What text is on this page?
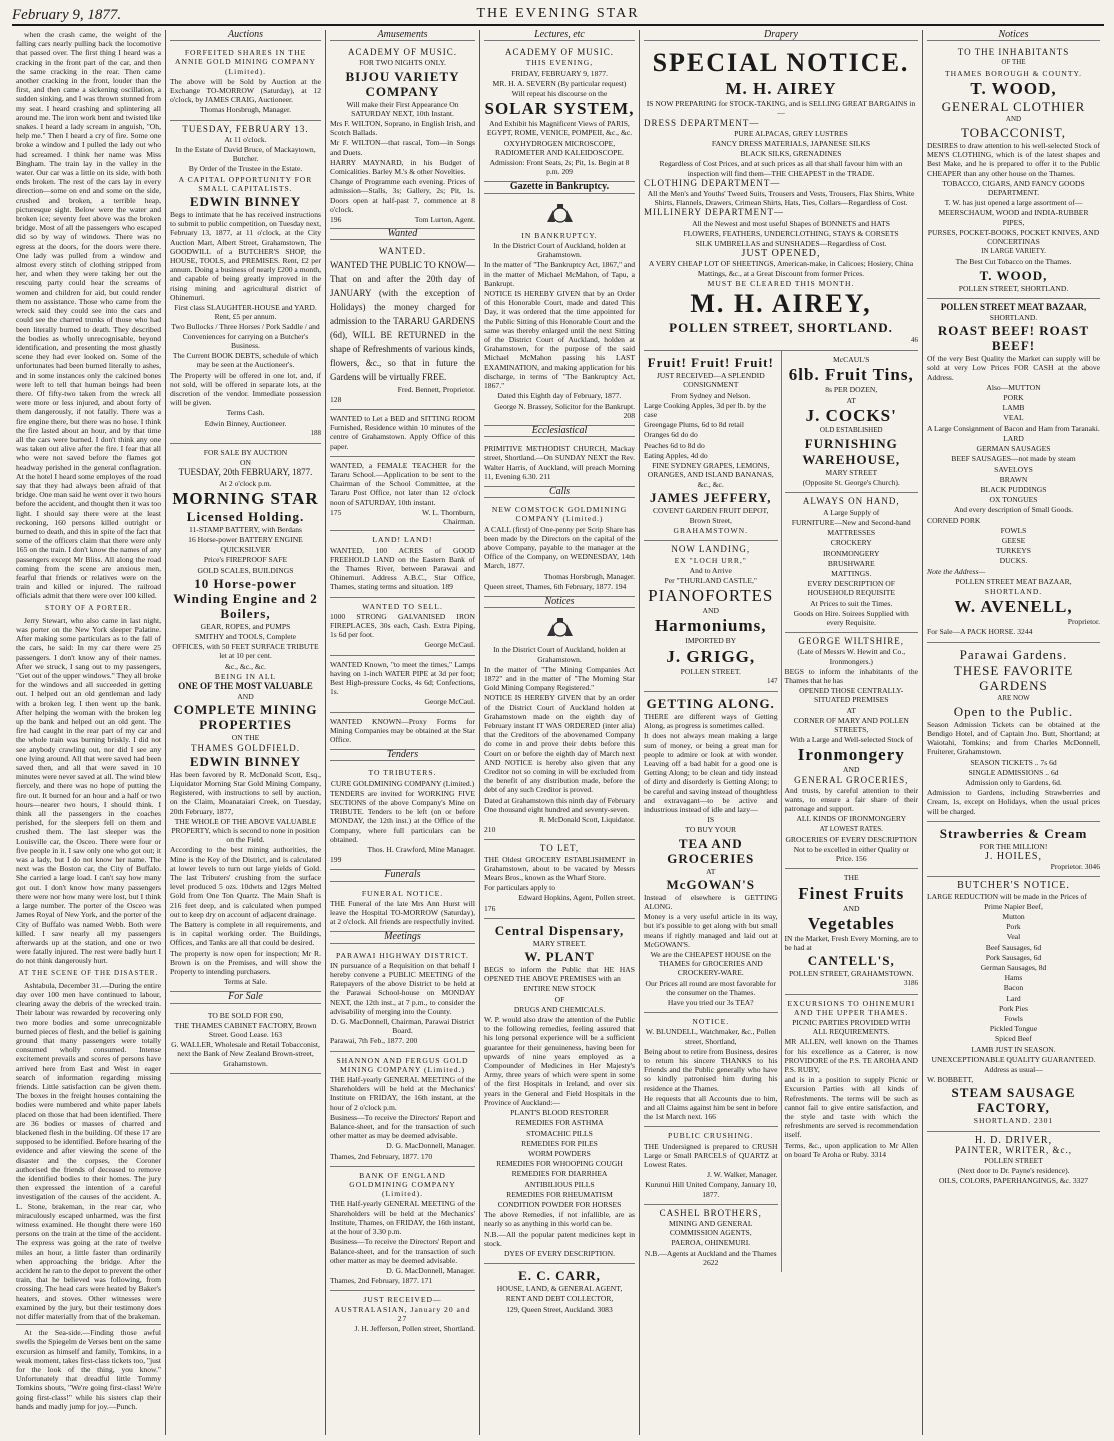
February 9, 1877.	THE EVENING STAR

when the crash came, the weight of the falling cars nearly pulling back the locomotive that passed over. The first thing I heard was a cracking in the front part of the car, and then the same cracking in the rear. Then came another cracking in the front, louder than the first, and then came a sickening oscillation, a sudden sinking, and I was thrown stunned from my seat. I heard crashing and splintering all around me. The iron work bent and twisted like snakes. I heard a lady scream in anguish, "Oh, help me." Then I heard a cry of fire. Some one broke a window and I pulled the lady out who had screamed. I think her name was Miss Bingham. The train lay in the valley in the water. Our car was a little on its side, with both ends broken. The rest of the cars lay in every direction—some on end and some on the side, crushed and broken, a terrible heap, picturesque sight. Below were the water and broken ice; seventy feet above was the broken bridge. Most of all the passengers who escaped did so by way of windows. There was no egress at the doors, for the doors were there. One lady was pulled from a window and almost every stitch of clothing stripped from her, and when they were taking her out the rescuing party could hear the screams of women and children for aid, but could render them no assistance. Those who came from the wreck said they could see into the cars and could see the charred trunks of those who had been literally burned to death. They described the bodies as wholly unrecognisable, beyond identification, and presenting the most ghastly scene they had ever looked on. Some of the unfortunates had been burned literally to ashes, and in some instances only the calcined bones were left to tell that human beings had been there. Of fifty-two taken from the wreck all were more or less injured, and about forty of them dangerously, if not fatally. There was a fire engine there, but there was no hose. I think the fire lasted about an hour, and by that time all the cars were burned. I don't think any one was taken out alive after the fire. I fear that all who were not saved before the flames got headway perished in the general conflagration. At the hotel I heard some employes of the road say that they had always been afraid of that bridge. One man said he went over it two hours before the accident, and thought then it was too light. I should say there were at the least reckoning, 160 persons killed outright or burned to death, and this in spite of the fact that some of the officers claim that there were only 165 on the train. I don't know the names of any passengers except Mr Bliss. All along the road coming from the scene are anxious men, fearful that friends or relatives were on the train and killed or injured. The railroad officials admit that there were over 100 killed.

STORY OF A PORTER.

Jerry Stewart, who also came in last night, was porter on the New York sleeper Palatine. After making some particulars as to the fall of the cars, he said: In my car there were 25 passengers. I don't know any of their names. After we struck, I sang out to my passengers, "Get out of the upper windows." They all broke for the windows and all succeeded in getting out. I helped out an old gentleman and lady with a broken leg. I then went up the bank. After helping the woman with the broken leg up the bank and helped out an old gent. The fire had caught in the rear part of my car and the whole train was burning briskly. I did not see anybody crawling out, nor did I see any one lying around. All that were saved had been saved then, and all that were saved in 10 minutes were never saved at all. The wind blew fiercely, and there was no hope of putting the fire out. It burned for an hour and a half or two hours—nearer two hours, I should think. I think all the passengers in the coaches perished, for the sleepers fell on them and crushed them. The last sleeper was the Louisville car, the Osceo. There were four or five people in it. I saw only one who got out; it was a lady, but I do not know her name. The next was the Boston car, the City of Buffalo. She carried a large load. I can't say how many got out. I don't know how many passengers there were nor how many were lost, but I think a large number. The porter of the Osceo was James Royal of New York, and the porter of the City of Buffalo was named Webb. Both were killed. I saw nearly all my passengers afterwards up at the station, and one or two were fatally injured. The rest were badly hurt I do not think dangerously hurt.

AT THE SCENE OF THE DISASTER.

Ashtabula, December 31.—During the entire day over 100 men have continued to labour, clearing away the debris of the wrecked train. Their labour was rewarded by recovering only two more bodies and some unrecognizable burned pieces of flesh, and the belief is gaining ground that many passengers were totally consumed wholly consumed. Intense excitement prevails and scores of persons have arrived here from East and West in eager search of information regarding missing friends. Little satisfaction can be given them. The boxes in the freight houses containing the bodies were numbered and white paper labels placed on those that had been identified. There are 36 bodies or masses of charred and blackened flesh in the building. Of these 17 are supposed to be identified. Before hearing of the evidence and after viewing the scene of the disaster and the corpses, the Coroner authorised the friends of deceased to remove the identified bodies to their homes. The jury then expressed the intention of a careful investigation of the causes of the accident. A. L. Stone, brakeman, in the rear car, who miraculously escaped unharmed, was the first witness examined. He thought there were 160 persons on the train at the time of the accident. The express was going at the rate of twelve miles an hour, a little faster than ordinarily when approaching the bridge. After the accident he ran to the depot to prevent the other train, that he believed was following, from crossing. The head cars were heated by Baker's heaters, and stoves. Other witnesses were examined by the jury, but their testimony does not differ materially from that of the brakeman.

At the Sea-side.—Finding those awful swells the Spiegelm de Verses bent on the same excursion as himself and family, Tomkins, in a weak moment, takes first-class tickets too, "just for the look of the thing, you know." Unfortunately that dreadful little Tommy Tomkins shouts, "We're going first-class! We're going first-class!" while his sisters clap their hands and madly jump for joy.—Punch.

Auctions

FORFEITED SHARES IN THE ANNIE GOLD MINING COMPANY (Limited).

The above will be Sold by Auction at the Exchange TO-MORROW (Saturday), at 12 o'clock, by JAMES CRAIG, Auctioneer.

Thomas Horsbrugh, Manager.

TUESDAY, FEBRUARY 13.

At 11 o'clock.

In the Estate of David Bruce, of Mackaytown, Butcher.

By Order of the Trustee in the Estate.

A CAPITAL OPPORTUNITY FOR SMALL CAPITALISTS.

EDWIN BINNEY

Begs to intimate that he has received instructions to submit to public competition, on Tuesday next, February 13, 1877, at 11 o'clock, at the City Auction Mart, Albert Street, Grahamstown, The GOODWILL of a BUTCHER'S SHOP, the HOUSE, TOOLS, and PREMISES. Rent, £2 per annum. Doing a business of nearly £200 a month, and capable of being greatly improved in the rising mining and agricultural district of Ohinemuri.

First class SLAUGHTER-HOUSE and YARD. Rent, £5 per annum.

Two Bullocks / Three Horses / Pork Saddle / and Conveniences for carrying on a Butcher's Business.

The Current BOOK DEBTS, schedule of which may be seen at the Auctioneer's.

The Property will be offered in one lot, and, if not sold, will be offered in separate lots, at the discretion of the vendor. Immediate possession will be given.

Terms Cash.

Edwin Binney, Auctioneer.

188

FOR SALE BY AUCTION

ON

TUESDAY, 20th FEBRUARY, 1877.

At 2 o'clock p.m.

MORNING STAR

Licensed Holding.

11-STAMP BATTERY, with Berdans

16 Horse-power BATTERY ENGINE

QUICKSILVER

Price's FIREPROOF SAFE

GOLD SCALES, BUILDINGS

10 Horse-power Winding Engine and 2 Boilers,

GEAR, ROPES, and PUMPS

SMITHY and TOOLS, Complete

OFFICES, with 50 FEET SURFACE TRIBUTE let at 10 per cent.

&c., &c., &c.

BEING IN ALL

ONE OF THE MOST VALUABLE

AND

COMPLETE MINING PROPERTIES

ON THE

THAMES GOLDFIELD.

EDWIN BINNEY

Has been favored by R. McDonald Scott, Esq., Liquidator Morning Star Gold Mining Company, Registered, with instructions to sell by auction, on the Claim, Moanataiari Creek, on Tuesday, 20th February, 1877,

THE WHOLE OF THE ABOVE VALUABLE PROPERTY, which is second to none in position on the Field.

According to the best mining authorities, the Mine is the Key of the District, and is calculated at lower levels to turn out large yields of Gold. The last Tributers' crushing from the surface level produced 5 ozs. 10dwts and 12grs Melted Gold from One Ton Quartz. The Main Shaft is 216 feet deep, and is calculated when pumped out to keep dry on account of adjacent drainage.

The Battery is complete in all requirements, and is in capital working order. The Buildings, Offices, and Tanks are all that could be desired.

The property is now open for inspection; Mr R. Brown is on the Premises, and will show the Property to intending purchasers.

Terms at Sale.

For Sale

TO BE SOLD FOR £90,

THE THAMES CABINET FACTORY, Brown Street. Good Lease. 163

G. WALLER, Wholesale and Retail Tobacconist, next the Bank of New Zealand Brown-street, Grahamstown.

Amusements

ACADEMY OF MUSIC.

FOR TWO NIGHTS ONLY.

BIJOU VARIETY COMPANY

Will make their First Appearance On SATURDAY NEXT, 10th Instant.

Mrs F. WILTON, Soprano, in English Irish, and Scotch Ballads.

Mr F. WILTON—that rascal, Tom—in Songs and Duets.

HARRY MAYNARD, in his Budget of Comicalities. Barley M.'s & other Novelties.

Change of Programme each evening. Prices of admission—Stalls, 3s; Gallery, 2s; Pit, 1s. Doors open at half-past 7, commence at 8 o'clock.

196	Tom Lurton, Agent.
Wanted

WANTED.

WANTED THE PUBLIC TO KNOW—That on and after the 20th day of JANUARY (with the exception of Holidays) the money charged for admission to the TARARU GARDENS (6d), WILL BE RETURNED in the shape of Refreshments of various kinds, flowers, &c., so that in future the Gardens will be virtually FREE.

Fred. Bennett, Proprietor.

128

WANTED to Let a BED and SITTING ROOM Furnished, Residence within 10 minutes of the centre of Grahamstown. Apply Office of this paper.

WANTED, a FEMALE TEACHER for the Tararu School.—Application to be sent to the Chairman of the School Committee, at the Tararu Post Office, not later than 12 o'clock noon of SATURDAY, 10th instant.

175	W. L. Thornburn, Chairman.

LAND! LAND!

WANTED, 100 ACRES of GOOD FREEHOLD LAND on the Eastern Bank of the Thames River, between Parawai and Ohinemuri. Address A.B.C., Star Office, Thames, stating terms and situation. 189

WANTED TO SELL.

1000 STRONG GALVANISED IRON FIREPLACES, 30s each, Cash. Extra Piping, 1s 6d per foot.

George McCaul.

WANTED Known, "to meet the times," Lamps having on 1-inch WATER PIPE at 3d per foot; Best High-pressure Cocks, 4s 6d; Confections, 1s.

George McCaul.

WANTED KNOWN—Proxy Forms for Mining Companies may be obtained at the Star Office.

Tenders

TO TRIBUTERS.

CURE GOLDMINING COMPANY (Limited.)

TENDERS are invited for WORKING FIVE SECTIONS of the above Company's Mine on TRIBUTE. Tenders to be left (on or before MONDAY, the 12th inst.) at the Office of the Company, where full particulars can be obtained.

Thos. H. Crawford, Mine Manager.

199

Funerals

FUNERAL NOTICE.

THE Funeral of the late Mrs Ann Hurst will leave the Hospital TO-MORROW (Saturday), at 2 o'clock. All friends are respectfully invited.

Meetings

PARAWAI HIGHWAY DISTRICT.

IN pursuance of a Requisition on that behalf I hereby convene a PUBLIC MEETING of the Ratepayers of the above District to be held at the Parawai School-house on MONDAY NEXT, the 12th inst., at 7 p.m., to consider the advisability of merging into the County.

D. G. MacDonnell, Chairman, Parawai District Board.

Parawai, 7th Feb., 1877. 200

SHANNON AND FERGUS GOLD MINING COMPANY (Limited.)

THE Half-yearly GENERAL MEETING of the Shareholders will be held at the Mechanics' Institute on FRIDAY, the 16th instant, at the hour of 2 o'clock p.m.

Business—To receive the Directors' Report and Balance-sheet, and for the transaction of such other matter as may be deemed advisable.

D. G. MacDonnell, Manager.

Thames, 2nd February, 1877. 170

BANK OF ENGLAND GOLDMINING COMPANY (Limited).

THE Half-yearly GENERAL MEETING of the Shareholders will be held at the Mechanics' Institute, Thames, on FRIDAY, the 16th instant, at the hour of 3.30 p.m.

Business—To receive the Directors' Report and Balance-sheet, and for the transaction of such other matter as may be deemed advisable.

D. G. MacDonnell, Manager.

Thames, 2nd February, 1877. 171

JUST RECEIVED—AUSTRALASIAN, January 20 and 27

J. H. Jefferson, Pollen street, Shortland.

Lectures, etc

ACADEMY OF MUSIC.

THIS EVENING,

FRIDAY, FEBRUARY 9, 1877.

MR. H. A. SEVERN (By particular request)

Will repeat his discourse on the

SOLAR SYSTEM,

And Exhibit his Magnificent Views of PARIS, EGYPT, ROME, VENICE, POMPEII, &c., &c.

OXYHYDROGEN MICROSCOPE, RADIOMETER AND KALEIDOSCOPE.

Admission: Front Seats, 2s; Pit, 1s. Begin at 8 p.m. 209

Gazette in Bankruptcy.

IN BANKRUPTCY.

In the District Court of Auckland, holden at Grahamstown.

In the matter of "The Bankruptcy Act, 1867," and in the matter of Michael McMahon, of Tapu, a Bankrupt.

NOTICE IS HEREBY GIVEN that by an Order of this Honorable Court, made and dated This Day, it was ordered that the time appointed for the Public Sitting of this Honorable Court and the same was thereby enlarged until the next Sitting of the District Court of Auckland, holden at Grahamstown, for the purpose of the said Michael McMahon passing his LAST EXAMINATION, and making application for his discharge, in terms of "The Bankruptcy Act, 1867."

Dated this Eighth day of February, 1877.

George N. Brassey, Solicitor for the Bankrupt. 208

Ecclesiastical

PRIMITIVE METHODIST CHURCH, Mackay street, Shortland.—On SUNDAY NEXT the Rev. Walter Harris, of Auckland, will preach Morning 11, Evening 6.30. 211

Calls

NEW COMSTOCK GOLDMINING COMPANY (Limited.)

A CALL (first) of One-penny per Scrip Share has been made by the Directors on the capital of the above Company, payable to the manager at the Office of the Company, on WEDNESDAY, 14th March, 1877.

Thomas Horsbrugh, Manager.

Queen street, Thames, 6th February, 1877. 194

Notices

In the District Court of Auckland, holden at Grahamstown.

In the matter of "The Mining Companies Act 1872" and in the matter of "The Morning Star Gold Mining Company Registered."

NOTICE IS HEREBY GIVEN that by an order of the District Court of Auckland holden at Grahamstown made on the eighth day of February instant IT WAS ORDERED (inter alia) that the Creditors of the abovenamed Company do come in and prove their debts before this Court on or before the eighth day of March next AND NOTICE is hereby also given that any Creditor not so coming in will be excluded from the benefit of any distribution made, before the debt of any such Creditor is proved.

Dated at Grahamstown this ninth day of February One thousand eight hundred and seventy-seven.

R. McDonald Scott, Liquidator.

210

TO LET,

THE Oldest GROCERY ESTABLISHMENT in Grahamstown, about to be vacated by Messrs Mears Bros., known as the Wharf Store.

For particulars apply to

Edward Hopkins, Agent, Pollen street.

176

Central Dispensary,

MARY STREET.

W. PLANT

BEGS to inform the Public that HE HAS OPENED THE ABOVE PREMISES with an

ENTIRE NEW STOCK

OF

DRUGS AND CHEMICALS.

W. P. would also draw the attention of the Public to the following remedies, feeling assured that his long personal experience will be a sufficient guarantee for their genuineness, having been for upwards of nine years employed as a Compounder of Medicines in Her Majesty's Army, three years of which were spent in some of the first Hospitals in Ireland, and over six years in the General and Field Hospitals in the Province of Auckland:—

PLANT'S BLOOD RESTORER

REMEDIES FOR ASTHMA

STOMACHIC PILLS

REMEDIES FOR PILES

WORM POWDERS

REMEDIES FOR WHOOPING COUGH

REMEDIES FOR DIARRHEA

ANTIBILIOUS PILLS

REMEDIES FOR RHEUMATISM

CONDITION POWDER FOR HORSES

The above Remedies, if not infallible, are as nearly so as anything in this world can be.

N.B.—All the popular patent medicines kept in stock.

DYES OF EVERY DESCRIPTION.

E. C. CARR,

HOUSE, LAND, & GENERAL AGENT,

RENT AND DEBT COLLECTOR,

129, Queen Street, Auckland. 3083

Drapery

SPECIAL NOTICE.

M. H. AIREY

IS NOW PREPARING for STOCK-TAKING, and is SELLING GREAT BARGAINS in—

DRESS DEPARTMENT—

PURE ALPACAS, GREY LUSTRES

FANCY DRESS MATERIALS, JAPANESE SILKS

BLACK SILKS, GRENADINES

Regardless of Cost Prices, and at such prices as all that shall favour him with an inspection will find them—THE CHEAPEST in the TRADE.

CLOTHING DEPARTMENT—

All the Men's and Youths' Tweed Suits, Trousers and Vests, Trousers, Flax Shirts, White Shirts, Flannels, Drawers, Crimean Shirts, Hats, Ties, Collars—Regardless of Cost.

MILLINERY DEPARTMENT—

All the Newest and most useful Shapes of BONNETS and HATS

FLOWERS, FEATHERS, UNDERCLOTHING, STAYS & CORSETS

SILK UMBRELLAS and SUNSHADES—Regardless of Cost.

JUST OPENED,

A VERY CHEAP LOT OF SHEETINGS, American-make, in Calicoes; Hosiery, China Mattings, &c., at a Great Discount from former Prices.

MUST BE CLEARED THIS MONTH.

M. H. AIREY,

POLLEN STREET, SHORTLAND.

46

Fruit! Fruit! Fruit!

JUST RECEIVED—A SPLENDID CONSIGNMENT

From Sydney and Nelson.

Large Cooking Apples, 3d per lb. by the case

Greengage Plums, 6d to 8d retail

Oranges 6d do do

Peaches 6d to 8d do

Eating Apples, 4d do

FINE SYDNEY GRAPES, LEMONS, ORANGES, AND ISLAND BANANAS, &c., &c.

JAMES JEFFERY,

COVENT GARDEN FRUIT DEPOT,

Brown Street,

GRAHAMSTOWN.

NOW LANDING,

EX "LOCH URR,"

And to Arrive

Per "THURLAND CASTLE,"

PIANOFORTES

AND

Harmoniums,

IMPORTED BY

J. GRIGG,

POLLEN STREET.

147

GETTING ALONG.

THERE are different ways of Getting Along, as progress is sometimes called.

It does not always mean making a large sum of money, or being a great man for people to admire or look at with wonder. Leaving off a bad habit for a good one is Getting Along; to be clean and tidy instead of dirty and disorderly is Getting Along; to be careful and saving instead of thoughtless and extravagant—to be active and industrious instead of idle and lazy—

IS

TO BUY YOUR

TEA AND GROCERIES

AT

McGOWAN'S

Instead of elsewhere is GETTING ALONG.

Money is a very useful article in its way, but it's possible to get along with but small means if rightly managed and laid out at McGOWAN'S.

We are the CHEAPEST HOUSE on the THAMES for GROCERIES AND CROCKERY-WARE.

Our Prices all round are most favorable for the consumer on the Thames.

Have you tried our 3s TEA?

NOTICE.

W. BLUNDELL, Watchmaker, &c., Pollen street, Shortland,

Being about to retire from Business, desires to return his sincere THANKS to his Friends and the Public generally who have so kindly patronised him during his residence at the Thames.

He requests that all Accounts due to him, and all Claims against him be sent in before the 1st March next. 166

PUBLIC CRUSHING.

THE Undersigned is prepared to CRUSH Large or Small PARCELS of QUARTZ at Lowest Rates.

J. W. Walker, Manager.

Kurunui Hill United Company, January 10, 1877.

CASHEL BROTHERS,

MINING AND GENERAL COMMISSION AGENTS,

PAEROA, OHINEMURI.

N.B.—Agents at Auckland and the Thames 2622

McCAUL'S

6lb. Fruit Tins,

8s PER DOZEN,

AT

J. COCKS'

OLD ESTABLISHED

FURNISHING

WAREHOUSE,

MARY STREET

(Opposite St. George's Church).

ALWAYS ON HAND,

A Large Supply of

FURNITURE—New and Second-hand

MATTRESSES

CROCKERY

IRONMONGERY

BRUSHWARE

MATTINGS.

EVERY DESCRIPTION OF HOUSEHOLD REQUISITE

At Prices to suit the Times.

Goods on Hire. Soirees Supplied with every Requisite.

GEORGE WILTSHIRE,

(Late of Messrs W. Hewitt and Co., Ironmongers.)

BEGS to inform the inhabitants of the Thames that he has

OPENED THOSE CENTRALLY-SITUATED PREMISES

AT

CORNER OF MARY AND POLLEN STREETS,

With a Large and Well-selected Stock of

Ironmongery

AND

GENERAL GROCERIES,

And trusts, by careful attention to their wants, to ensure a fair share of their patronage and support.

ALL KINDS OF IRONMONGERY

AT LOWEST RATES.

GROCERIES OF EVERY DESCRIPTION

Not to be excelled in either Quality or Price. 156

THE

Finest Fruits

AND

Vegetables

IN the Market, Fresh Every Morning, are to be had at

CANTELL'S,

POLLEN STREET, GRAHAMSTOWN.

3186

EXCURSIONS TO OHINEMURI AND THE UPPER THAMES.

PICNIC PARTIES PROVIDED WITH ALL REQUIREMENTS.

MR ALLEN, well known on the Thames for his excellence as a Caterer, is now PROVIDORE of the P.S. TE AROHA AND P.S. RUBY,

and is in a position to supply Picnic or Excursion Parties with all kinds of Refreshments. The terms will be such as cannot fail to give entire satisfaction, and the style and taste with which the refreshments are served is recommendation itself.

Terms, &c., upon application to Mr Allen on board Te Aroha or Ruby. 3314

Notices

TO THE INHABITANTS

OF THE

THAMES BOROUGH & COUNTY.

T. WOOD,

GENERAL CLOTHIER

AND

TOBACCONIST,

DESIRES to draw attention to his well-selected Stock of MEN'S CLOTHING, which is of the latest shapes and Best Make, and he is prepared to offer it to the Public CHEAPER than any other house on the Thames.

TOBACCO, CIGARS, AND FANCY GOODS DEPARTMENT.

T. W. has just opened a large assortment of—

MEERSCHAUM, WOOD and INDIA-RUBBER PIPES,

PURSES, POCKET-BOOKS, POCKET KNIVES, AND CONCERTINAS

IN LARGE VARIETY.

The Best Cut Tobacco on the Thames.

T. WOOD,

POLLEN STREET, SHORTLAND.

POLLEN STREET MEAT BAZAAR,

SHORTLAND.

ROAST BEEF! ROAST BEEF!

Of the very Best Quality the Market can supply will be sold at very Low Prices FOR CASH at the above Address.

Also—MUTTON

PORK

LAMB

VEAL

A Large Consignment of Bacon and Ham from Taranaki.

LARD

GERMAN SAUSAGES

BEEF SAUSAGES—not made by steam

SAVELOYS

BRAWN

BLACK PUDDINGS

OX TONGUES

And every description of Small Goods.

CORNED PORK

FOWLS

GEESE

TURKEYS

DUCKS.

Note the Address—

POLLEN STREET MEAT BAZAAR,

SHORTLAND.

W. AVENELL,

Proprietor.

For Sale—A PACK HORSE. 3244

Parawai Gardens.

THESE FAVORITE GARDENS

ARE NOW

Open to the Public.

Season Admission Tickets can be obtained at the Bendigo Hotel, and of Captain Jno. Butt, Shortland; at Waiotahi, Tomkins; and from Charles McDonnell, Fruiterer, Grahamstown.

SEASON TICKETS .. 7s 6d

SINGLE ADMISSIONS .. 6d

Admission only to Gardens, 6d.

Admission to Gardens, including Strawberries and Cream, 1s, except on Holidays, when the usual prices will be charged.

Strawberries & Cream

FOR THE MILLION!

J. HOILES,

Proprietor. 3046

BUTCHER'S NOTICE.

LARGE REDUCTION will be made in the Prices of

Prime Napier Beef,

Mutton

Pork

Veal

Beef Sausages, 6d

Pork Sausages, 6d

German Sausages, 8d

Hams

Bacon

Lard

Pork Pies

Fowls

Pickled Tongue

Spiced Beef

LAMB JUST IN SEASON.

UNEXCEPTIONABLE QUALITY GUARANTEED.

Address as usual—

W. BOBBETT,

STEAM SAUSAGE FACTORY,

SHORTLAND. 2301

H. D. DRIVER,

PAINTER, WRITER, &c.,

POLLEN STREET

(Next door to Dr. Payne's residence).

OILS, COLORS, PAPERHANGINGS, &c. 3327
